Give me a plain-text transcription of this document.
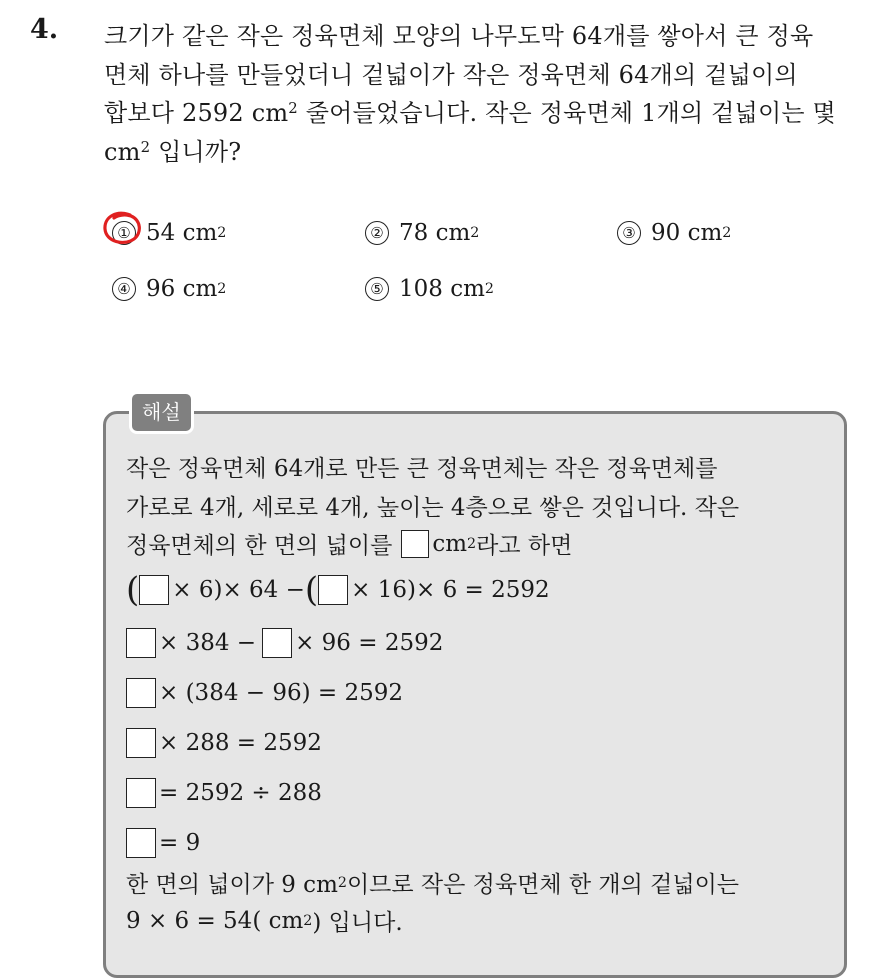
4. 크기가 같은 작은 정육면체 모양의 나무도막 64개를 쌓아서 큰 정육
면체 하나를 만들었더니 겉넓이가 작은 정육면체 64개의 겉넓이의
합보다 2592 $cm^2$ 줄어들었습니다. 작은 정육면체 1개의 겉넓이는 몇
$cm^2$ 입니까?
① 54 cm 2	② 78 cm 2	③ 90 cm 2
④ 96 cm 2	⑤ 108 cm 2
해설
작은 정육면체 64개로 만든 큰 정육면체는 작은 정육면체를
가로로 4개, 세로로 4개, 높이는 4층으로 쌓은 것입니다. 작은
정육면체의 한 면의 넓이를 cm 2 라고 하면
( × 6) × 64 − ( × 16) × 6 = 2592
× 384 − × 96 = 2592
× (384 − 96) = 2592
× 288 = 2592
= 2592 ÷ 288
= 9
한 면의 넓이가 9 cm 2 이므로 작은 정육면체 한 개의 겉넓이는
9 × 6 = 54( cm 2 ) 입니다.
